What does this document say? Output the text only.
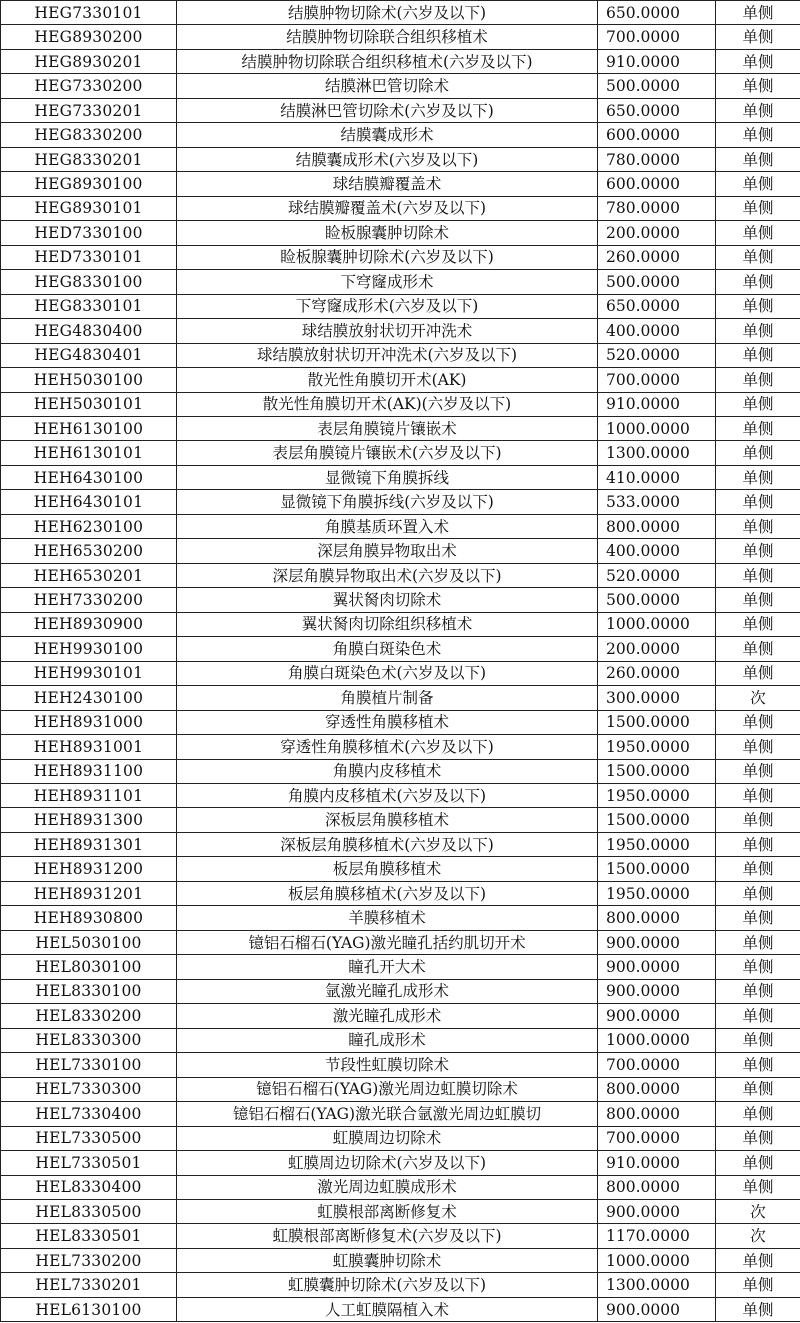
HEG7330101	结膜肿物切除术(六岁及以下)	650.0000	单侧
HEG8930200	结膜肿物切除联合组织移植术	700.0000	单侧
HEG8930201	结膜肿物切除联合组织移植术(六岁及以下)	910.0000	单侧
HEG7330200	结膜淋巴管切除术	500.0000	单侧
HEG7330201	结膜淋巴管切除术(六岁及以下)	650.0000	单侧
HEG8330200	结膜囊成形术	600.0000	单侧
HEG8330201	结膜囊成形术(六岁及以下)	780.0000	单侧
HEG8930100	球结膜瓣覆盖术	600.0000	单侧
HEG8930101	球结膜瓣覆盖术(六岁及以下)	780.0000	单侧
HED7330100	睑板腺囊肿切除术	200.0000	单侧
HED7330101	睑板腺囊肿切除术(六岁及以下)	260.0000	单侧
HEG8330100	下穹窿成形术	500.0000	单侧
HEG8330101	下穹窿成形术(六岁及以下)	650.0000	单侧
HEG4830400	球结膜放射状切开冲洗术	400.0000	单侧
HEG4830401	球结膜放射状切开冲洗术(六岁及以下)	520.0000	单侧
HEH5030100	散光性角膜切开术(AK)	700.0000	单侧
HEH5030101	散光性角膜切开术(AK)(六岁及以下)	910.0000	单侧
HEH6130100	表层角膜镜片镶嵌术	1000.0000	单侧
HEH6130101	表层角膜镜片镶嵌术(六岁及以下)	1300.0000	单侧
HEH6430100	显微镜下角膜拆线	410.0000	单侧
HEH6430101	显微镜下角膜拆线(六岁及以下)	533.0000	单侧
HEH6230100	角膜基质环置入术	800.0000	单侧
HEH6530200	深层角膜异物取出术	400.0000	单侧
HEH6530201	深层角膜异物取出术(六岁及以下)	520.0000	单侧
HEH7330200	翼状胬肉切除术	500.0000	单侧
HEH8930900	翼状胬肉切除组织移植术	1000.0000	单侧
HEH9930100	角膜白斑染色术	200.0000	单侧
HEH9930101	角膜白斑染色术(六岁及以下)	260.0000	单侧
HEH2430100	角膜植片制备	300.0000	次
HEH8931000	穿透性角膜移植术	1500.0000	单侧
HEH8931001	穿透性角膜移植术(六岁及以下)	1950.0000	单侧
HEH8931100	角膜内皮移植术	1500.0000	单侧
HEH8931101	角膜内皮移植术(六岁及以下)	1950.0000	单侧
HEH8931300	深板层角膜移植术	1500.0000	单侧
HEH8931301	深板层角膜移植术(六岁及以下)	1950.0000	单侧
HEH8931200	板层角膜移植术	1500.0000	单侧
HEH8931201	板层角膜移植术(六岁及以下)	1950.0000	单侧
HEH8930800	羊膜移植术	800.0000	单侧
HEL5030100	镱铝石榴石(YAG)激光瞳孔括约肌切开术	900.0000	单侧
HEL8030100	瞳孔开大术	900.0000	单侧
HEL8330100	氩激光瞳孔成形术	900.0000	单侧
HEL8330200	激光瞳孔成形术	900.0000	单侧
HEL8330300	瞳孔成形术	1000.0000	单侧
HEL7330100	节段性虹膜切除术	700.0000	单侧
HEL7330300	镱铝石榴石(YAG)激光周边虹膜切除术	800.0000	单侧
HEL7330400	镱铝石榴石(YAG)激光联合氩激光周边虹膜切	800.0000	单侧
HEL7330500	虹膜周边切除术	700.0000	单侧
HEL7330501	虹膜周边切除术(六岁及以下)	910.0000	单侧
HEL8330400	激光周边虹膜成形术	800.0000	单侧
HEL8330500	虹膜根部离断修复术	900.0000	次
HEL8330501	虹膜根部离断修复术(六岁及以下)	1170.0000	次
HEL7330200	虹膜囊肿切除术	1000.0000	单侧
HEL7330201	虹膜囊肿切除术(六岁及以下)	1300.0000	单侧
HEL6130100	人工虹膜隔植入术	900.0000	单侧
